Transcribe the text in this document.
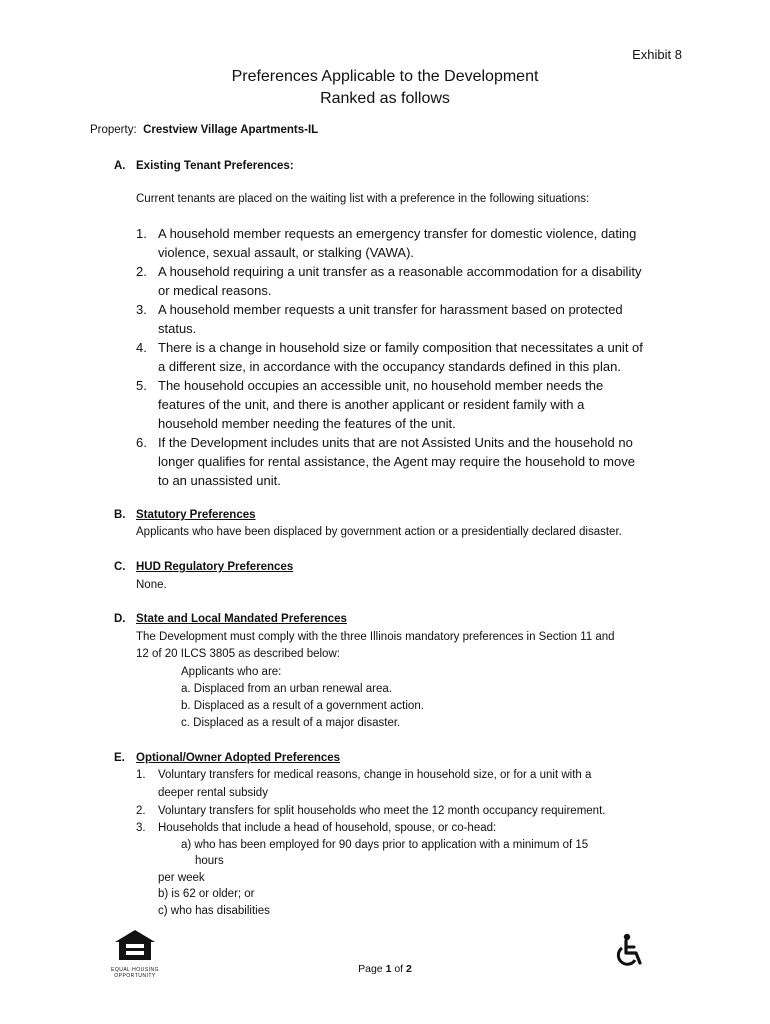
Exhibit 8
Preferences Applicable to the Development
Ranked as follows
Property: Crestview Village Apartments-IL
A. Existing Tenant Preferences:
Current tenants are placed on the waiting list with a preference in the following situations:
1. A household member requests an emergency transfer for domestic violence, dating
violence, sexual assault, or stalking (VAWA).
2. A household requiring a unit transfer as a reasonable accommodation for a disability
or medical reasons.
3. A household member requests a unit transfer for harassment based on protected
status.
4. There is a change in household size or family composition that necessitates a unit of
a different size, in accordance with the occupancy standards defined in this plan.
5. The household occupies an accessible unit, no household member needs the
features of the unit, and there is another applicant or resident family with a
household member needing the features of the unit.
6. If the Development includes units that are not Assisted Units and the household no
longer qualifies for rental assistance, the Agent may require the household to move
to an unassisted unit.
B. Statutory Preferences
Applicants who have been displaced by government action or a presidentially declared disaster.
C. HUD Regulatory Preferences
None.
D. State and Local Mandated Preferences
The Development must comply with the three Illinois mandatory preferences in Section 11 and
12 of 20 ILCS 3805 as described below:
Applicants who are:
a. Displaced from an urban renewal area.
b. Displaced as a result of a government action.
c. Displaced as a result of a major disaster.
E. Optional/Owner Adopted Preferences
1. Voluntary transfers for medical reasons, change in household size, or for a unit with a
deeper rental subsidy
2. Voluntary transfers for split households who meet the 12 month occupancy requirement.
3. Households that include a head of household, spouse, or co-head:
a) who has been employed for 90 days prior to application with a minimum of 15
hours
per week
b) is 62 or older; or
c) who has disabilities
EQUAL HOUSING
OPPORTUNITY
Page 1 of 2
